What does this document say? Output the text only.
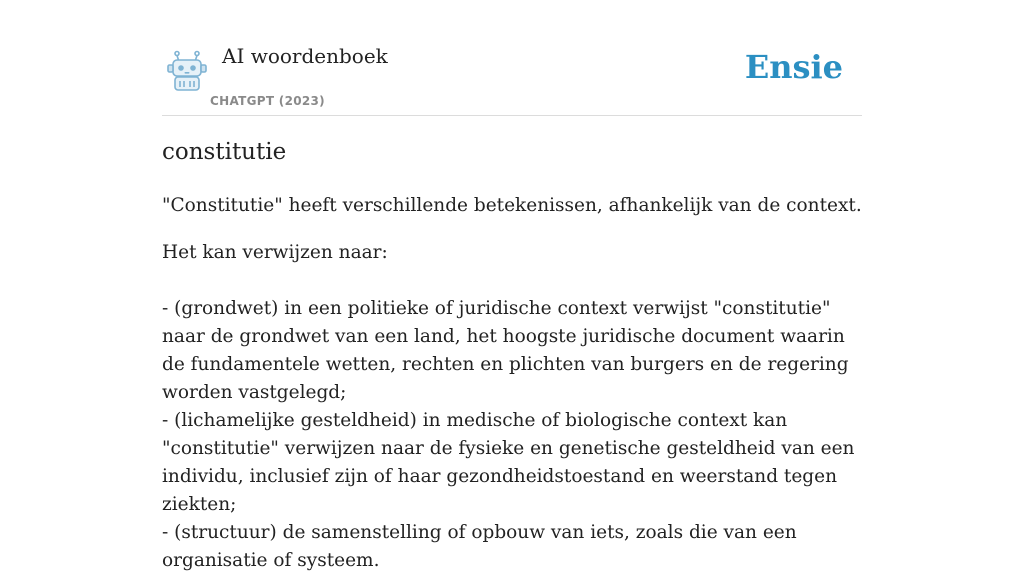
AI woordenboek
CHATGPT (2023)
Ensie
constitutie

"Constitutie" heeft verschillende betekenissen, afhankelijk van de context.

Het kan verwijzen naar:

- (grondwet) in een politieke of juridische context verwijst "constitutie" naar de grondwet van een land, het hoogste juridische document waarin de fundamentele wetten, rechten en plichten van burgers en de regering worden vastgelegd;

- (lichamelijke gesteldheid) in medische of biologische context kan "constitutie" verwijzen naar de fysieke en genetische gesteldheid van een individu, inclusief zijn of haar gezondheidstoestand en weerstand tegen ziekten;

- (structuur) de samenstelling of opbouw van iets, zoals die van een organisatie of systeem.
